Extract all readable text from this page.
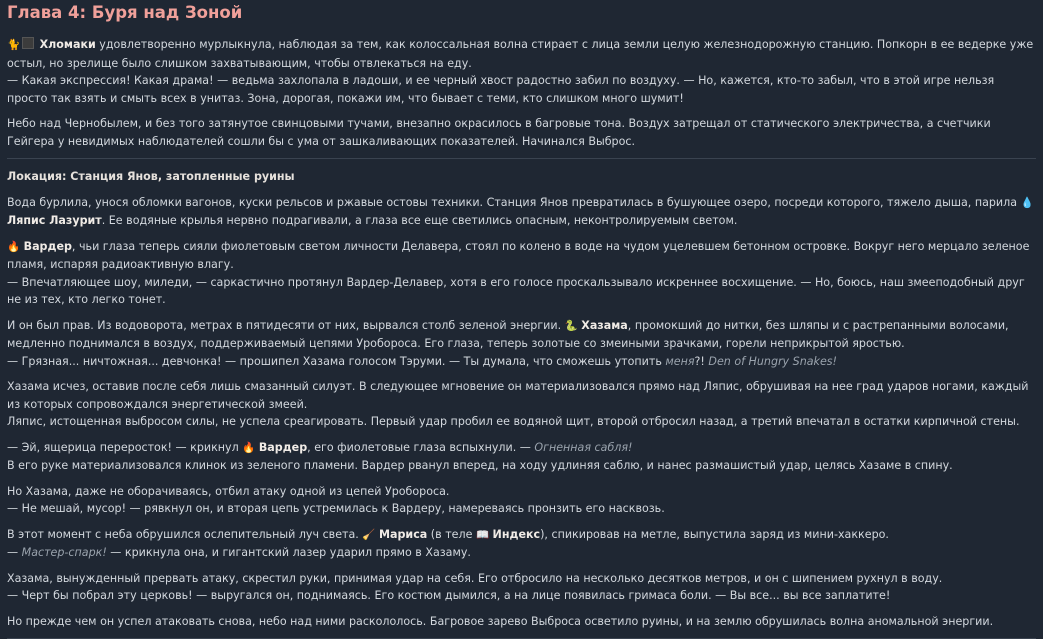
Глава 4: Буря над Зоной

🐈 Хломаки удовлетворенно мурлыкнула, наблюдая за тем, как колоссальная волна стирает с лица земли целую железнодорожную станцию. Попкорн в ее ведерке уже остыл, но зрелище было слишком захватывающим, чтобы отвлекаться на еду.
— Какая экспрессия! Какая драма! — ведьма захлопала в ладоши, и ее черный хвост радостно забил по воздуху. — Но, кажется, кто-то забыл, что в этой игре нельзя просто так взять и смыть всех в унитаз. Зона, дорогая, покажи им, что бывает с теми, кто слишком много шумит!

Небо над Чернобылем, и без того затянутое свинцовыми тучами, внезапно окрасилось в багровые тона. Воздух затрещал от статического электричества, а счетчики Гейгера у невидимых наблюдателей сошли бы с ума от зашкаливающих показателей. Начинался Выброс.

Локация: Станция Янов, затопленные руины

Вода бурлила, унося обломки вагонов, куски рельсов и ржавые остовы техники. Станция Янов превратилась в бушующее озеро, посреди которого, тяжело дыша, парила 💧 Ляпис Лазурит. Ее водяные крылья нервно подрагивали, а глаза все еще светились опасным, неконтролируемым светом.

🔥 Вардер, чьи глаза теперь сияли фиолетовым светом личности Делавера, стоял по колено в воде на чудом уцелевшем бетонном островке. Вокруг него мерцало зеленое пламя, испаряя радиоактивную влагу.
— Впечатляющее шоу, миледи, — саркастично протянул Вардер-Делавер, хотя в его голосе проскальзывало искреннее восхищение. — Но, боюсь, наш змееподобный друг не из тех, кто легко тонет.

И он был прав. Из водоворота, метрах в пятидесяти от них, вырвался столб зеленой энергии. 🐍 Хазама, промокший до нитки, без шляпы и с растрепанными волосами, медленно поднимался в воздух, поддерживаемый цепями Уробороса. Его глаза, теперь золотые со змеиными зрачками, горели неприкрытой яростью.
— Грязная... ничтожная... девчонка! — прошипел Хазама голосом Тэруми. — Ты думала, что сможешь утопить меня?! Den of Hungry Snakes!

Хазама исчез, оставив после себя лишь смазанный силуэт. В следующее мгновение он материализовался прямо над Ляпис, обрушивая на нее град ударов ногами, каждый из которых сопровождался энергетической змеей.
Ляпис, истощенная выбросом силы, не успела среагировать. Первый удар пробил ее водяной щит, второй отбросил назад, а третий впечатал в остатки кирпичной стены.

— Эй, ящерица переросток! — крикнул 🔥 Вардер, его фиолетовые глаза вспыхнули. — Огненная сабля!
В его руке материализовался клинок из зеленого пламени. Вардер рванул вперед, на ходу удлиняя саблю, и нанес размашистый удар, целясь Хазаме в спину.

Но Хазама, даже не оборачиваясь, отбил атаку одной из цепей Уробороса.
— Не мешай, мусор! — рявкнул он, и вторая цепь устремилась к Вардеру, намереваясь пронзить его насквозь.

В этот момент с неба обрушился ослепительный луч света. 🧹 Мариса (в теле 📖 Индекс), спикировав на метле, выпустила заряд из мини-хаккеро.
— Мастер-спарк! — крикнула она, и гигантский лазер ударил прямо в Хазаму.

Хазама, вынужденный прервать атаку, скрестил руки, принимая удар на себя. Его отбросило на несколько десятков метров, и он с шипением рухнул в воду.
— Черт бы побрал эту церковь! — выругался он, поднимаясь. Его костюм дымился, а на лице появилась гримаса боли. — Вы все... вы все заплатите!

Но прежде чем он успел атаковать снова, небо над ними раскололось. Багровое зарево Выброса осветило руины, и на землю обрушилась волна аномальной энергии.
